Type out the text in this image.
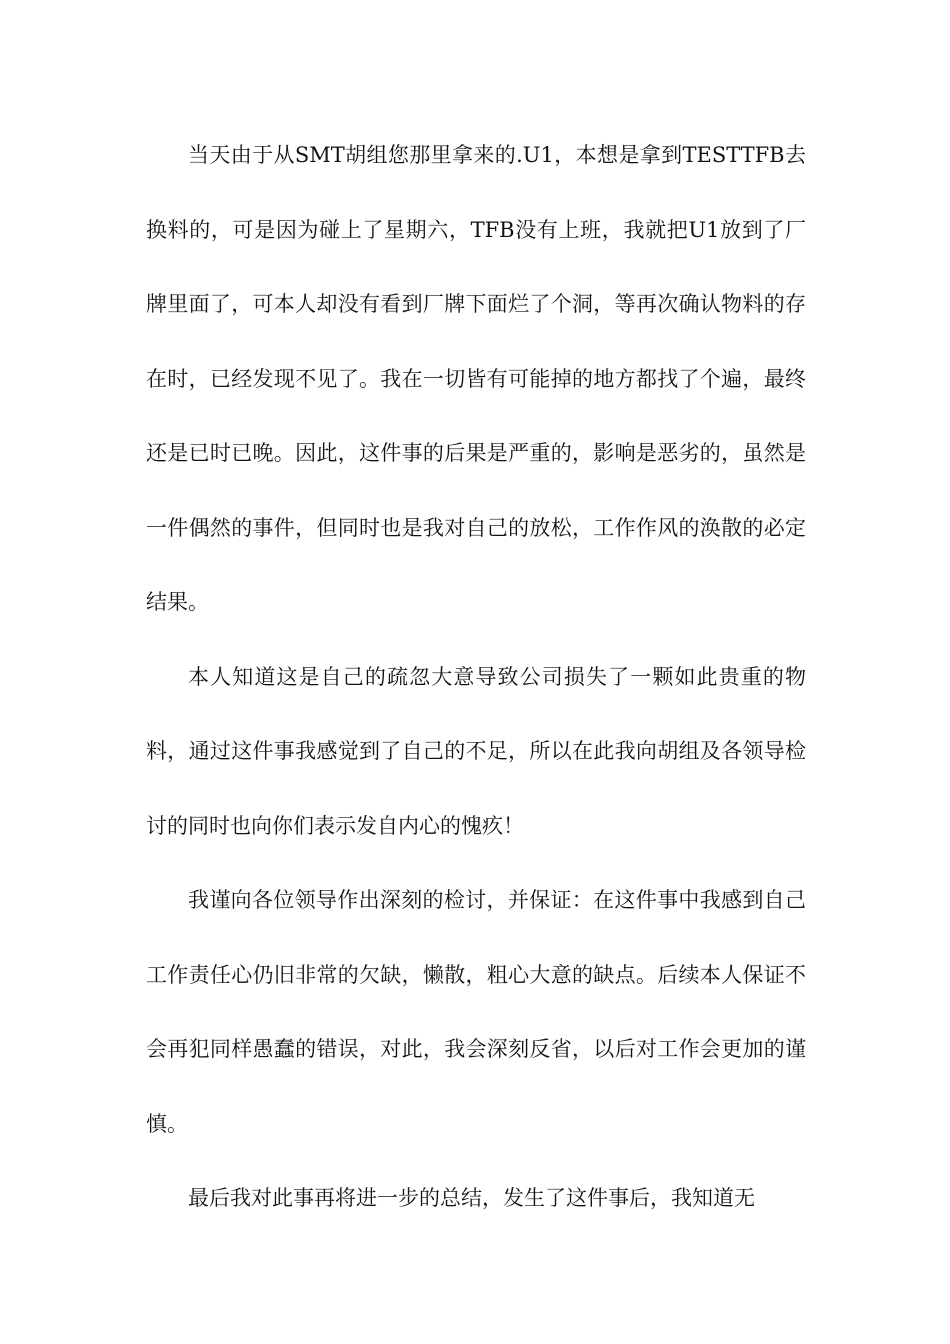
当天由于从SMT胡组您那里拿来的.U1，本想是拿到TESTTFB去换料的，可是因为碰上了星期六，TFB没有上班，我就把U1放到了厂牌里面了，可本人却没有看到厂牌下面烂了个洞，等再次确认物料的存在时，已经发现不见了。我在一切皆有可能掉的地方都找了个遍，最终还是已时已晚。因此，这件事的后果是严重的，影响是恶劣的，虽然是一件偶然的事件，但同时也是我对自己的放松，工作作风的涣散的必定结果。

本人知道这是自己的疏忽大意导致公司损失了一颗如此贵重的物料，通过这件事我感觉到了自己的不足，所以在此我向胡组及各领导检讨的同时也向你们表示发自内心的愧疚！

我谨向各位领导作出深刻的检讨，并保证：在这件事中我感到自己工作责任心仍旧非常的欠缺，懒散，粗心大意的缺点。后续本人保证不会再犯同样愚蠢的错误，对此，我会深刻反省，以后对工作会更加的谨慎。

最后我对此事再将进一步的总结，发生了这件事后，我知道无
